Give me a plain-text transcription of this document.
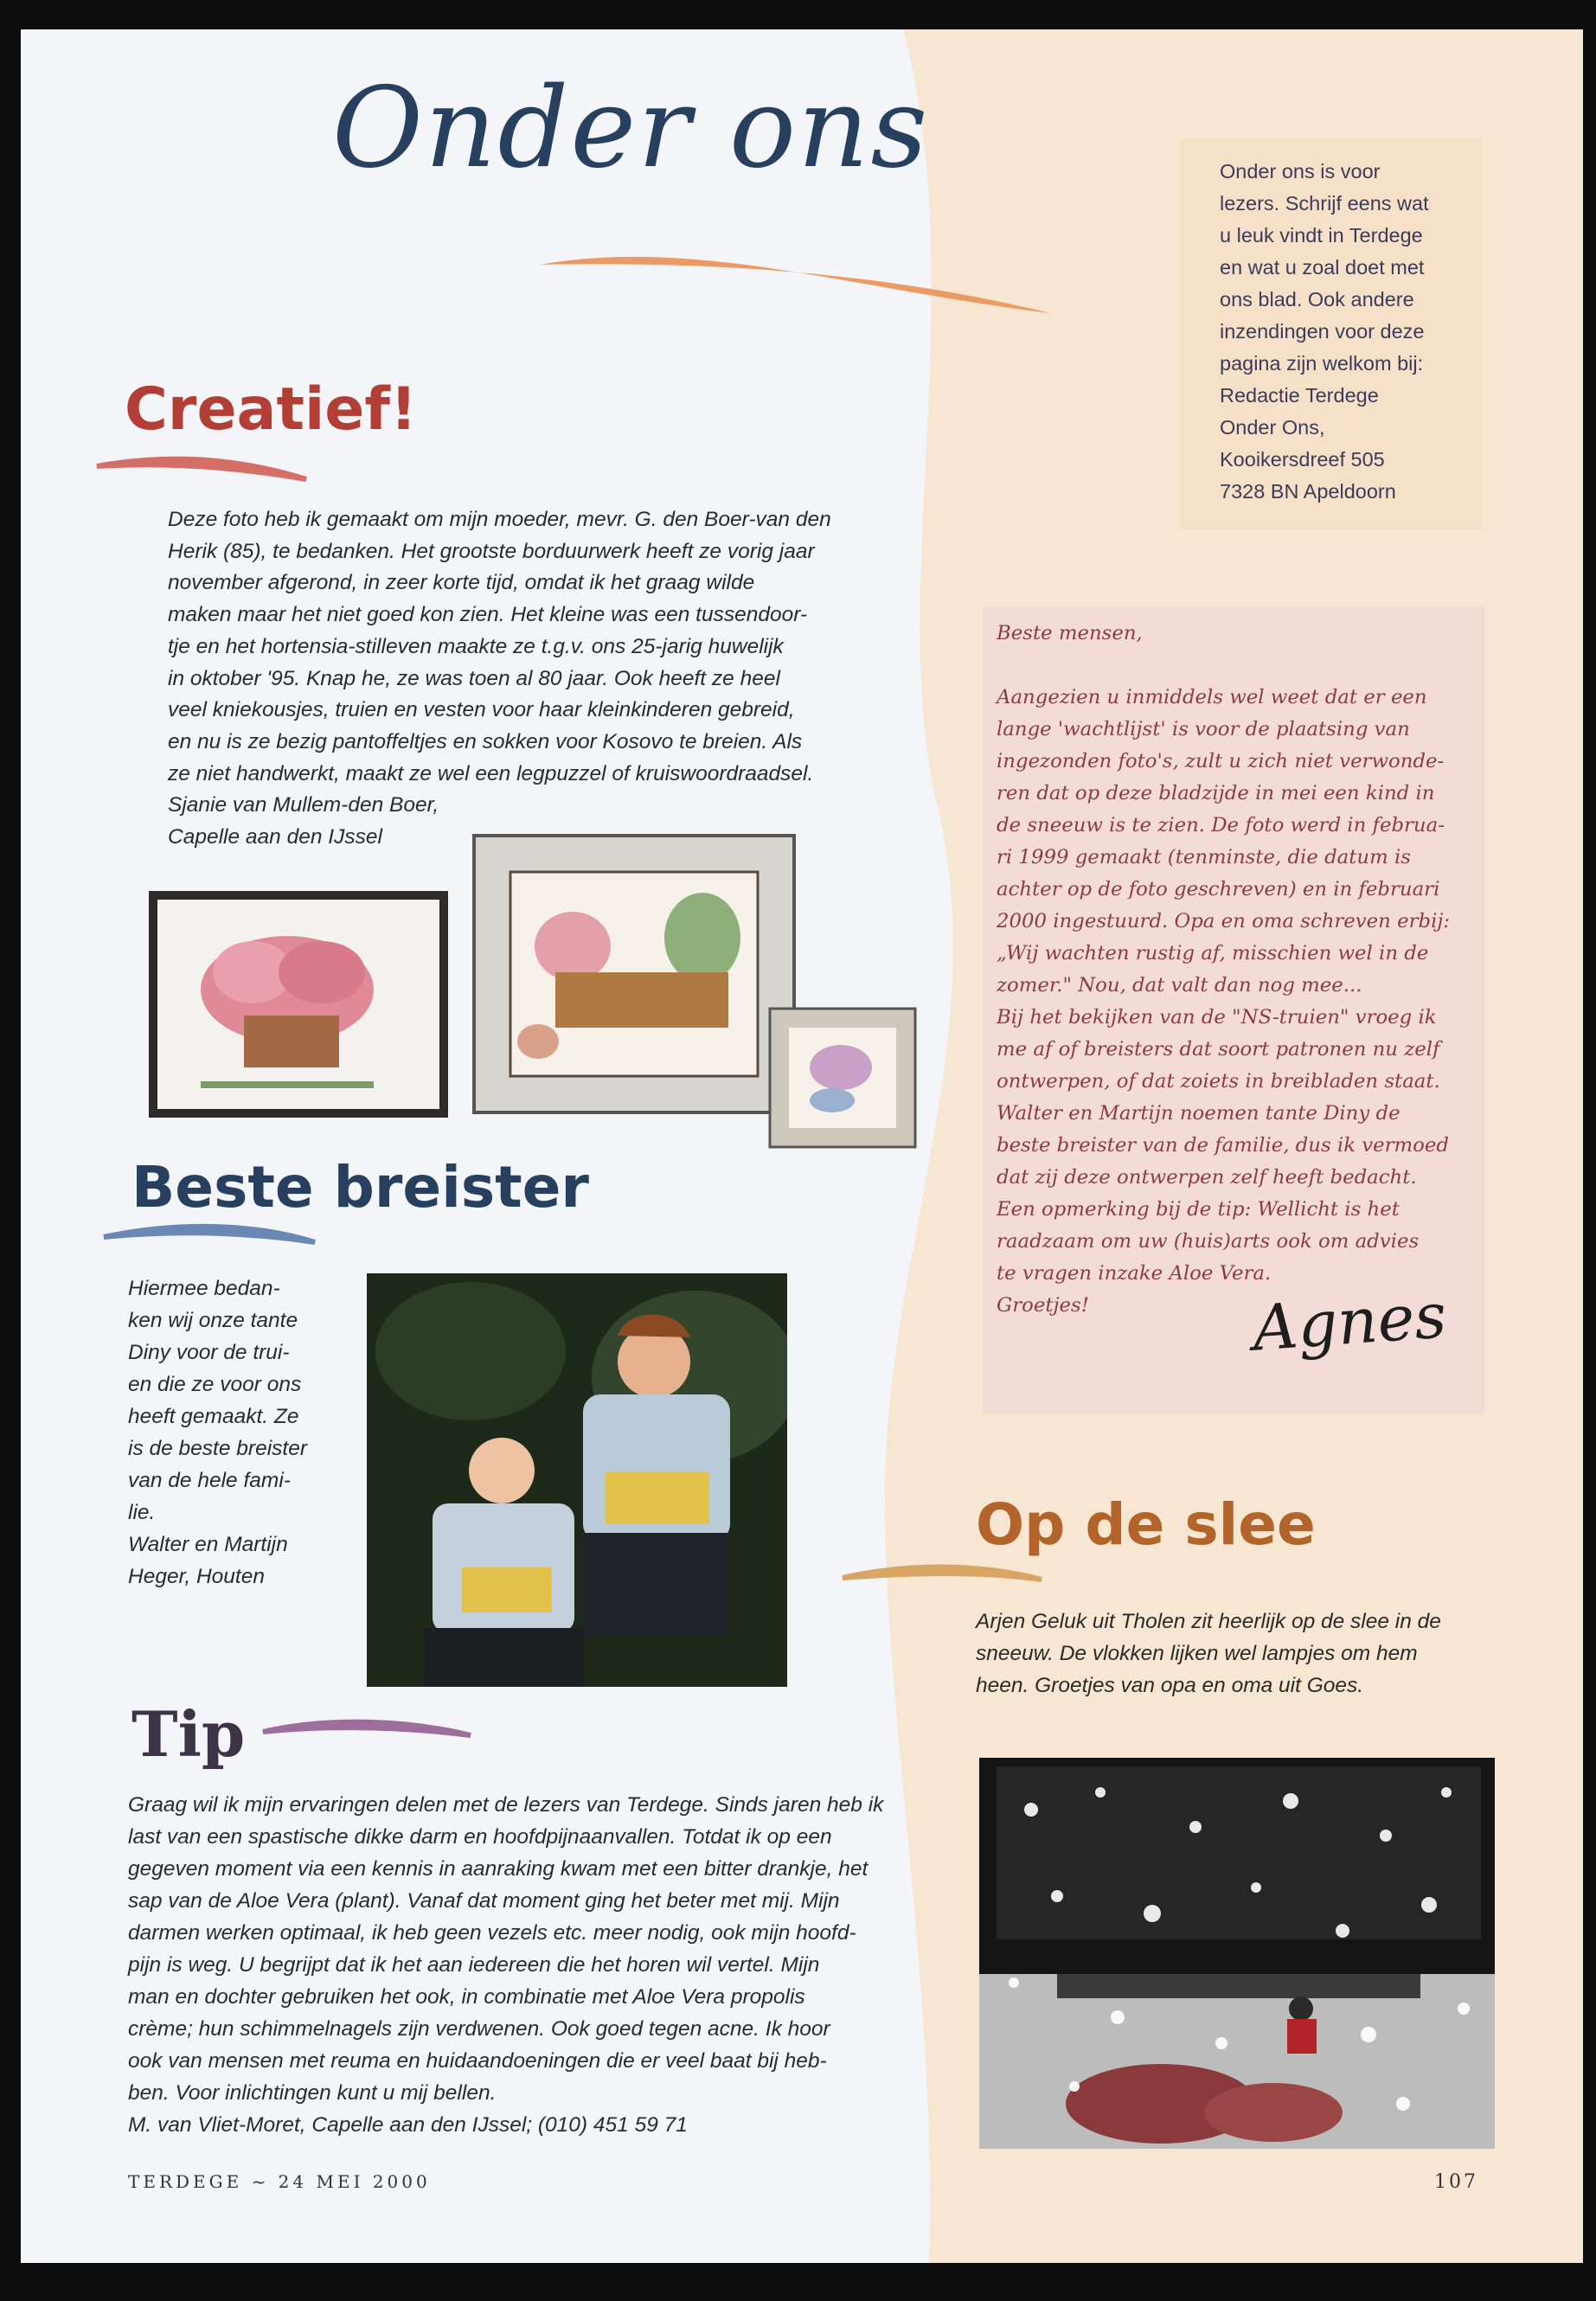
Onder ons	Onder ons is voor
lezers. Schrijf eens wat
u leuk vindt in Terdege
en wat u zoal doet met
ons blad. Ook andere
inzendingen voor deze
pagina zijn welkom bij:
Redactie Terdege
Onder Ons,
Kooikersdreef 505
7328 BN Apeldoorn
Creatief!
Deze foto heb ik gemaakt om mijn moeder, mevr. G. den Boer-van den
Herik (85), te bedanken. Het grootste borduurwerk heeft ze vorig jaar
november afgerond, in zeer korte tijd, omdat ik het graag wilde
maken maar het niet goed kon zien. Het kleine was een tussendoor-
tje en het hortensia-stilleven maakte ze t.g.v. ons 25-jarig huwelijk
in oktober '95. Knap he, ze was toen al 80 jaar. Ook heeft ze heel
veel kniekousjes, truien en vesten voor haar kleinkinderen gebreid,
en nu is ze bezig pantoffeltjes en sokken voor Kosovo te breien. Als
ze niet handwerkt, maakt ze wel een legpuzzel of kruiswoordraadsel.
Sjanie van Mullem-den Boer,
Capelle aan den IJssel
Beste breister
Hiermee bedan-
ken wij onze tante
Diny voor de trui-
en die ze voor ons
heeft gemaakt. Ze
is de beste breister
van de hele fami-
lie.
Walter en Martijn
Heger, Houten
Tip
Graag wil ik mijn ervaringen delen met de lezers van Terdege. Sinds jaren heb ik
last van een spastische dikke darm en hoofdpijnaanvallen. Totdat ik op een
gegeven moment via een kennis in aanraking kwam met een bitter drankje, het
sap van de Aloe Vera (plant). Vanaf dat moment ging het beter met mij. Mijn
darmen werken optimaal, ik heb geen vezels etc. meer nodig, ook mijn hoofd-
pijn is weg. U begrijpt dat ik het aan iedereen die het horen wil vertel. Mijn
man en dochter gebruiken het ook, in combinatie met Aloe Vera propolis
crème; hun schimmelnagels zijn verdwenen. Ook goed tegen acne. Ik hoor
ook van mensen met reuma en huidaandoeningen die er veel baat bij heb-
ben. Voor inlichtingen kunt u mij bellen.
M. van Vliet-Moret, Capelle aan den IJssel; (010) 451 59 71
Beste mensen,

Aangezien u inmiddels wel weet dat er een
lange 'wachtlijst' is voor de plaatsing van
ingezonden foto's, zult u zich niet verwonde-
ren dat op deze bladzijde in mei een kind in
de sneeuw is te zien. De foto werd in februa-
ri 1999 gemaakt (tenminste, die datum is
achter op de foto geschreven) en in februari
2000 ingestuurd. Opa en oma schreven erbij:
„Wij wachten rustig af, misschien wel in de
zomer." Nou, dat valt dan nog mee...
Bij het bekijken van de "NS-truien" vroeg ik
me af of breisters dat soort patronen nu zelf
ontwerpen, of dat zoiets in breibladen staat.
Walter en Martijn noemen tante Diny de
beste breister van de familie, dus ik vermoed
dat zij deze ontwerpen zelf heeft bedacht.
Een opmerking bij de tip: Wellicht is het
raadzaam om uw (huis)arts ook om advies
te vragen inzake Aloe Vera.
Groetjes!	Agnes
Op de slee
Arjen Geluk uit Tholen zit heerlijk op de slee in de
sneeuw. De vlokken lijken wel lampjes om hem
heen. Groetjes van opa en oma uit Goes.
TERDEGE ~ 24 MEI 2000	107
